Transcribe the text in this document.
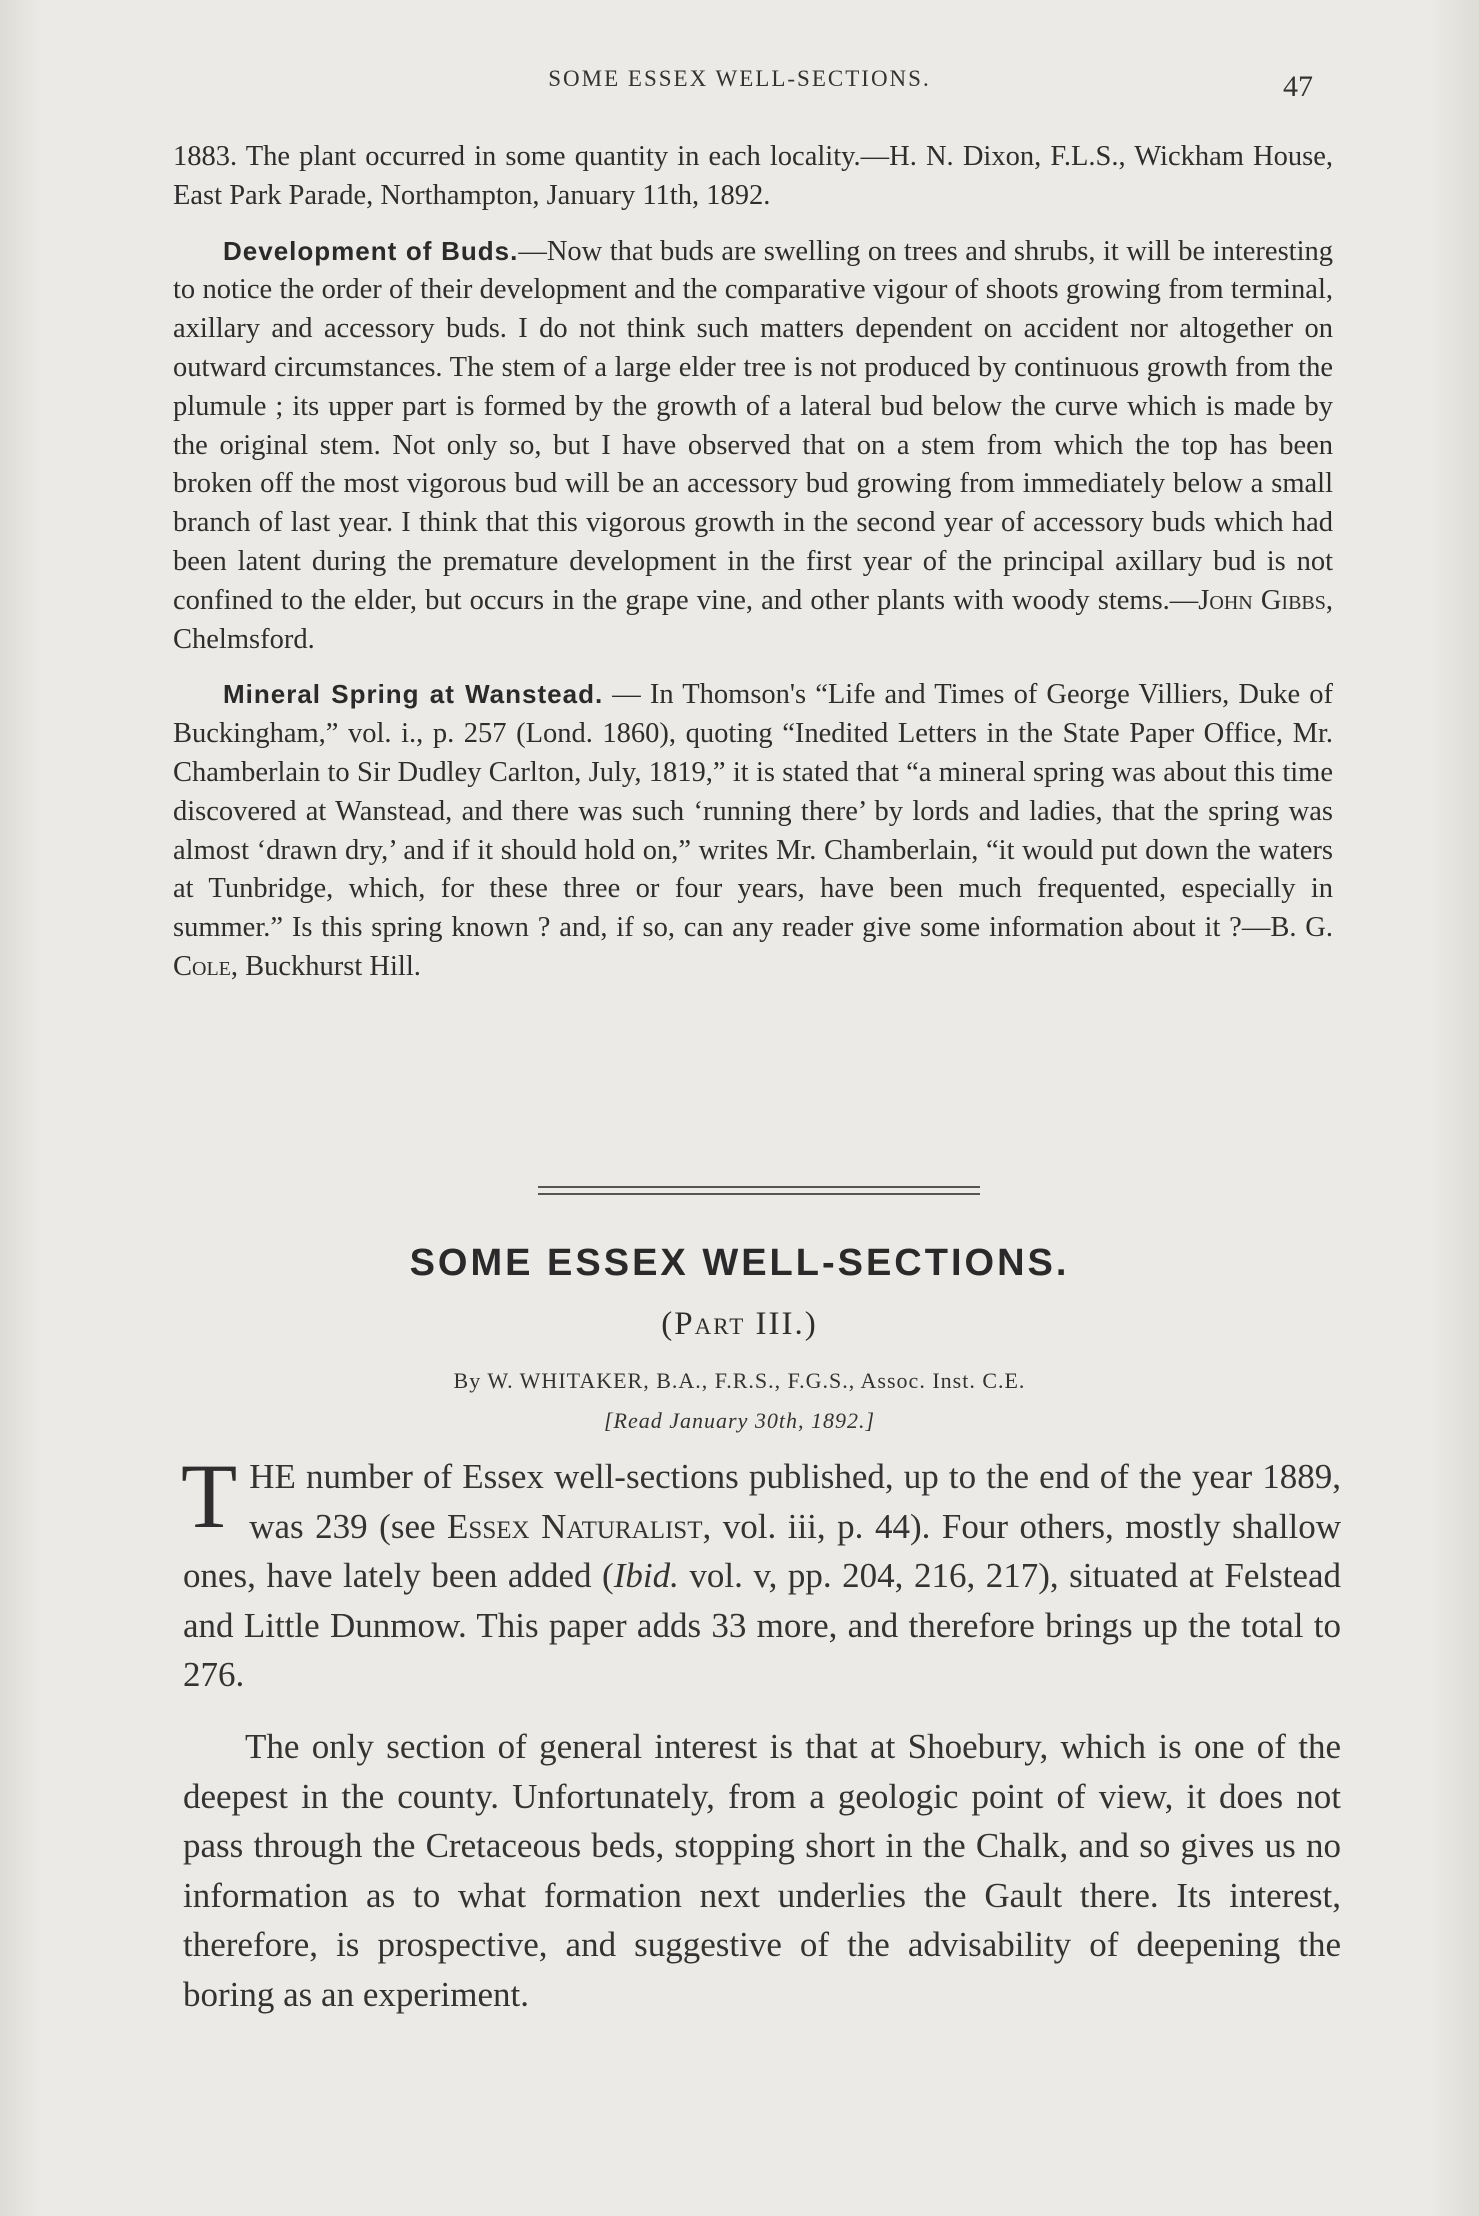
SOME ESSEX WELL-SECTIONS.	47

1883. The plant occurred in some quantity in each locality.—H. N. Dixon, F.L.S., Wickham House, East Park Parade, Northampton, January 11th, 1892.

Development of Buds.—Now that buds are swelling on trees and shrubs, it will be interesting to notice the order of their development and the comparative vigour of shoots growing from terminal, axillary and accessory buds. I do not think such matters dependent on accident nor altogether on outward circumstances. The stem of a large elder tree is not produced by continuous growth from the plumule ; its upper part is formed by the growth of a lateral bud below the curve which is made by the original stem. Not only so, but I have observed that on a stem from which the top has been broken off the most vigorous bud will be an accessory bud growing from immediately below a small branch of last year. I think that this vigorous growth in the second year of accessory buds which had been latent during the premature development in the first year of the principal axillary bud is not confined to the elder, but occurs in the grape vine, and other plants with woody stems.—John Gibbs, Chelmsford.

Mineral Spring at Wanstead. — In Thomson's “Life and Times of George Villiers, Duke of Buckingham,” vol. i., p. 257 (Lond. 1860), quoting “Inedited Letters in the State Paper Office, Mr. Chamberlain to Sir Dudley Carlton, July, 1819,” it is stated that “a mineral spring was about this time discovered at Wanstead, and there was such ‘running there’ by lords and ladies, that the spring was almost ‘drawn dry,’ and if it should hold on,” writes Mr. Chamberlain, “it would put down the waters at Tunbridge, which, for these three or four years, have been much frequented, especially in summer.” Is this spring known ? and, if so, can any reader give some information about it ?—B. G. Cole, Buckhurst Hill.

SOME ESSEX WELL-SECTIONS.
(Part III.)
By W. WHITAKER, B.A., F.R.S., F.G.S., Assoc. Inst. C.E.
[Read January 30th, 1892.]

THE number of Essex well-sections published, up to the end of the year 1889, was 239 (see Essex Naturalist, vol. iii, p. 44). Four others, mostly shallow ones, have lately been added (Ibid. vol. v, pp. 204, 216, 217), situated at Felstead and Little Dunmow. This paper adds 33 more, and therefore brings up the total to 276.

The only section of general interest is that at Shoebury, which is one of the deepest in the county. Unfortunately, from a geologic point of view, it does not pass through the Cretaceous beds, stopping short in the Chalk, and so gives us no information as to what formation next underlies the Gault there. Its interest, therefore, is prospective, and suggestive of the advisability of deepening the boring as an experiment.
